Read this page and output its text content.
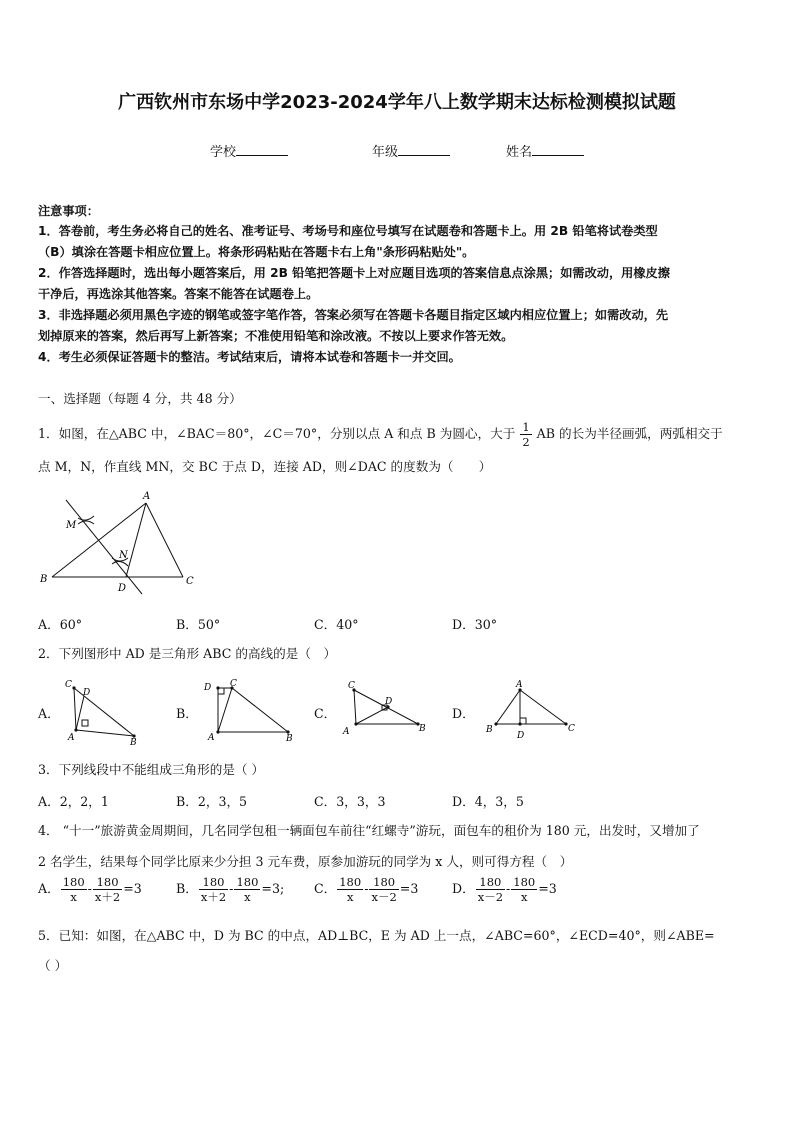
广西钦州市东场中学2023-2024学年八上数学期末达标检测模拟试题
学校	年级	姓名
注意事项：
1．答卷前，考生务必将自己的姓名、准考证号、考场号和座位号填写在试题卷和答题卡上。用 2B 铅笔将试卷类型
（B）填涂在答题卡相应位置上。将条形码粘贴在答题卡右上角"条形码粘贴处"。
2．作答选择题时，选出每小题答案后，用 2B 铅笔把答题卡上对应题目选项的答案信息点涂黑；如需改动，用橡皮擦
干净后，再选涂其他答案。答案不能答在试题卷上。
3．非选择题必须用黑色字迹的钢笔或签字笔作答，答案必须写在答题卡各题目指定区域内相应位置上；如需改动，先
划掉原来的答案，然后再写上新答案；不准使用铅笔和涂改液。不按以上要求作答无效。
4．考生必须保证答题卡的整洁。考试结束后，请将本试卷和答题卡一并交回。
一、选择题（每题 4 分，共 48 分）
1．如图，在△ABC 中，∠BAC＝80°，∠C＝70°，分别以点 A 和点 B 为圆心，大于 $\frac{1}{2}$ AB 的长为半径画弧，两弧相交于
点 M，N，作直线 MN，交 BC 于点 D，连接 AD，则∠DAC 的度数为（　　）
A
B	C
D
M
N
A．60°	B．50°	C．40°	D．30°
2．下列图形中 AD 是三角形 ABC 的高线的是（　）
A．
C
D
A	B
B．
D C
A	B
C．
C
D
A	B
D．
A
B	C
D
3．下列线段中不能组成三角形的是（ ）
A．2，2，1	B．2，3，5	C．3，3，3	D．4，3，5
4． “十一”旅游黄金周期间，几名同学包租一辆面包车前往“红螺寺”游玩，面包车的租价为 180 元，出发时，又增加了
2 名学生，结果每个同学比原来少分担 3 元车费，原参加游玩的同学为 x 人，则可得方程（　）
A． $\frac{180}{x} - \frac{180}{x+2} =3$	B． $\frac{180}{x+2} - \frac{180}{x} =3$; C． $\frac{180}{x} - \frac{180}{x-2} =3$	D． $\frac{180}{x-2} - \frac{180}{x} =3$
5．已知：如图，在△ABC 中，D 为 BC 的中点，AD⊥BC，E 为 AD 上一点，∠ABC=60°，∠ECD=40°，则∠ABE=
（ ）
